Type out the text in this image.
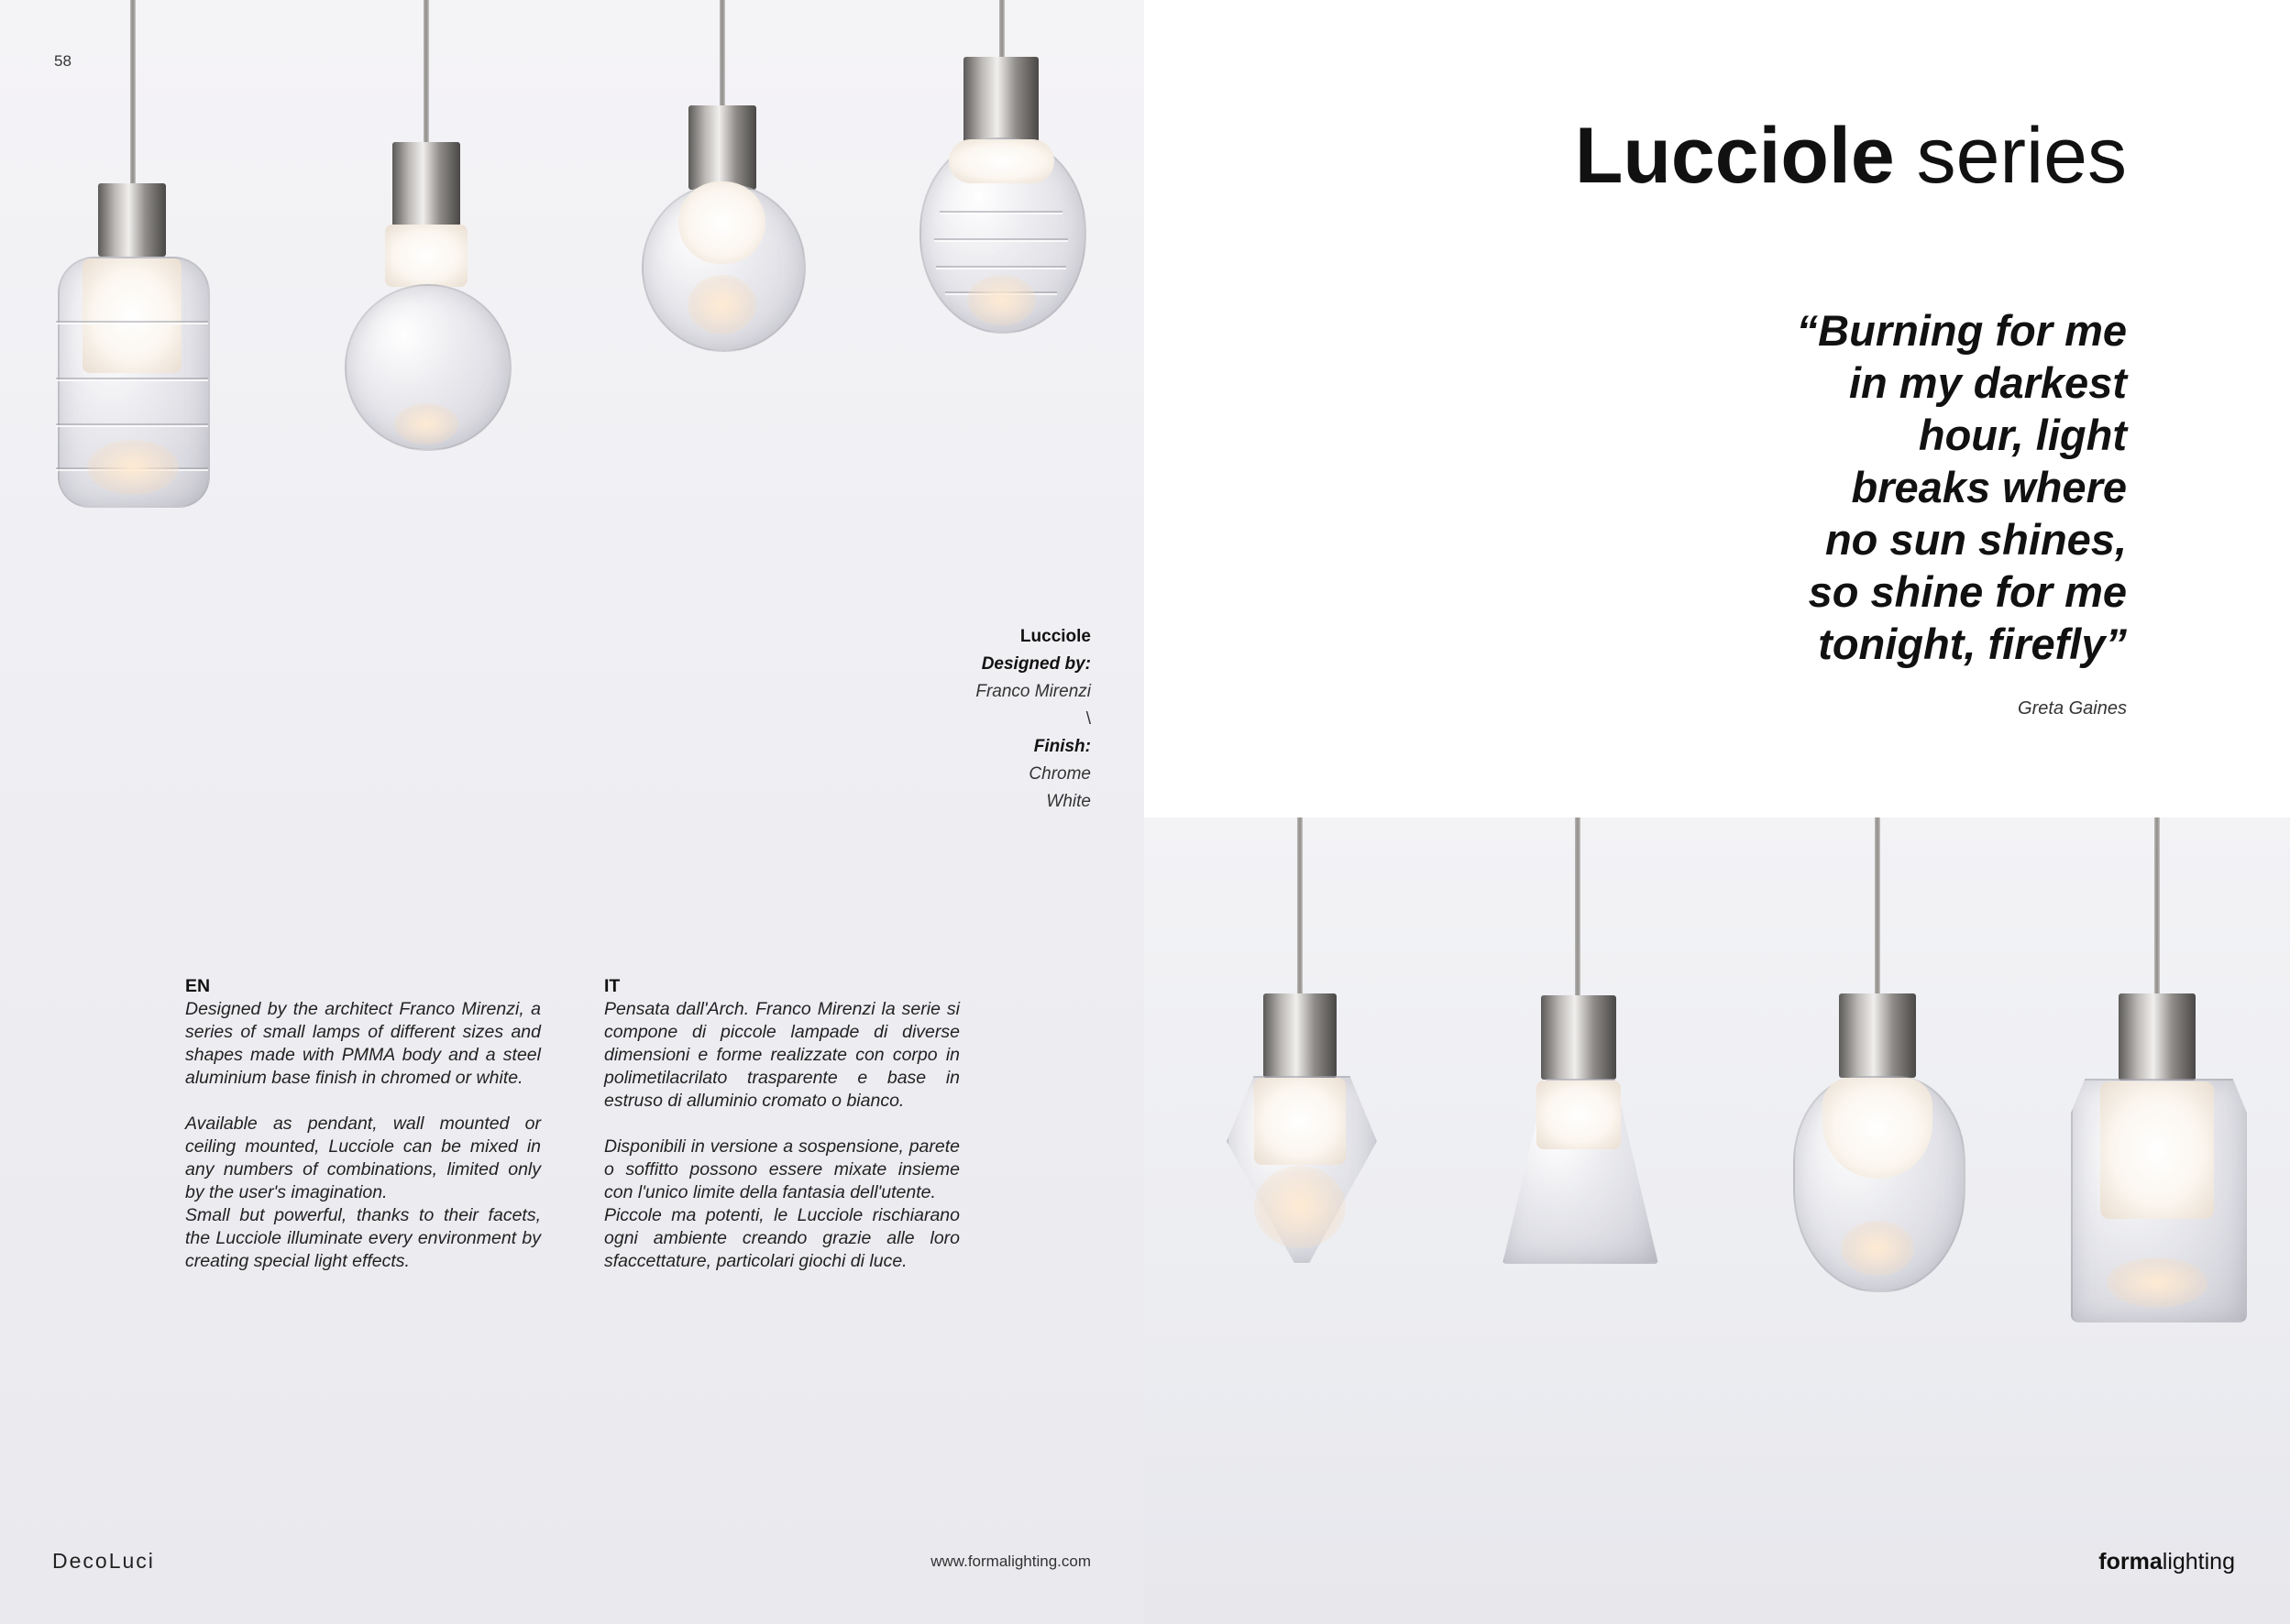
58
Lucciole
Designed by:
Franco Mirenzi
\
Finish:
Chrome
White
EN
Designed by the architect Franco Mirenzi, a series of small lamps of different sizes and shapes made with PMMA body and a steel aluminium base finish in chromed or white.
Available as pendant, wall mounted or ceiling mounted, Lucciole can be mixed in any numbers of combinations, limited only by the user's imagination.
Small but powerful, thanks to their facets, the Lucciole illuminate every environment by creating special light effects.
IT
Pensata dall'Arch. Franco Mirenzi la serie si compone di piccole lampade di diverse dimensioni e forme realizzate con corpo in polimetilacrilato trasparente e base in estruso di alluminio cromato o bianco.
Disponibili in versione a sospensione, parete o soffitto possono essere mixate insieme con l'unico limite della fantasia dell'utente.
Piccole ma potenti, le Lucciole rischiarano ogni ambiente creando grazie alle loro sfaccettature, particolari giochi di luce.
DecoLuci	www.formalighting.com
Lucciole series
“Burning for me
in my darkest
hour, light
breaks where
no sun shines,
so shine for me
tonight, firefly”
Greta Gaines
formalighting
